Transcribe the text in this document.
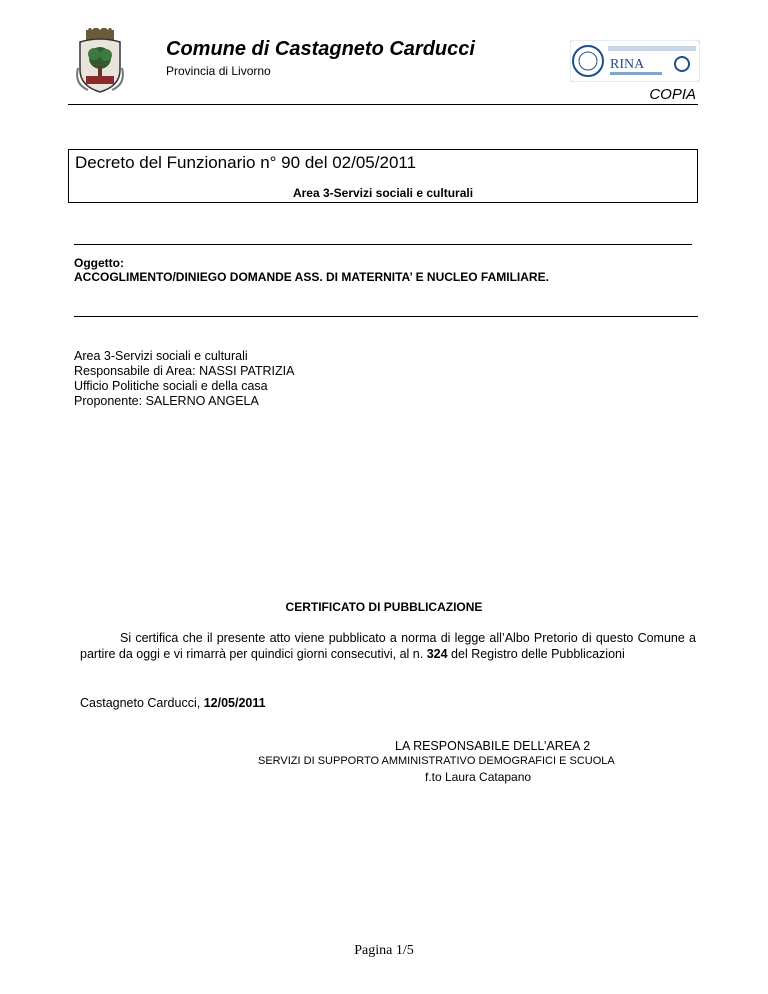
Comune di Castagneto Carducci
Provincia di Livorno	RINA
COPIA
Decreto del Funzionario n° 90 del 02/05/2011
Area 3-Servizi sociali e culturali
Oggetto:
ACCOGLIMENTO/DINIEGO DOMANDE ASS. DI MATERNITA’ E NUCLEO FAMILIARE.
Area 3-Servizi sociali e culturali
Responsabile di Area: NASSI PATRIZIA
Ufficio Politiche sociali e della casa
Proponente: SALERNO ANGELA
CERTIFICATO DI PUBBLICAZIONE
Si certifica che il presente atto viene pubblicato a norma di legge all’Albo Pretorio di questo Comune a partire da oggi e vi rimarrà per quindici giorni consecutivi, al n. 324 del Registro delle Pubblicazioni
Castagneto Carducci, 12/05/2011
LA RESPONSABILE DELL’AREA 2
SERVIZI DI SUPPORTO AMMINISTRATIVO DEMOGRAFICI E SCUOLA
f.to Laura Catapano
Pagina 1/5
